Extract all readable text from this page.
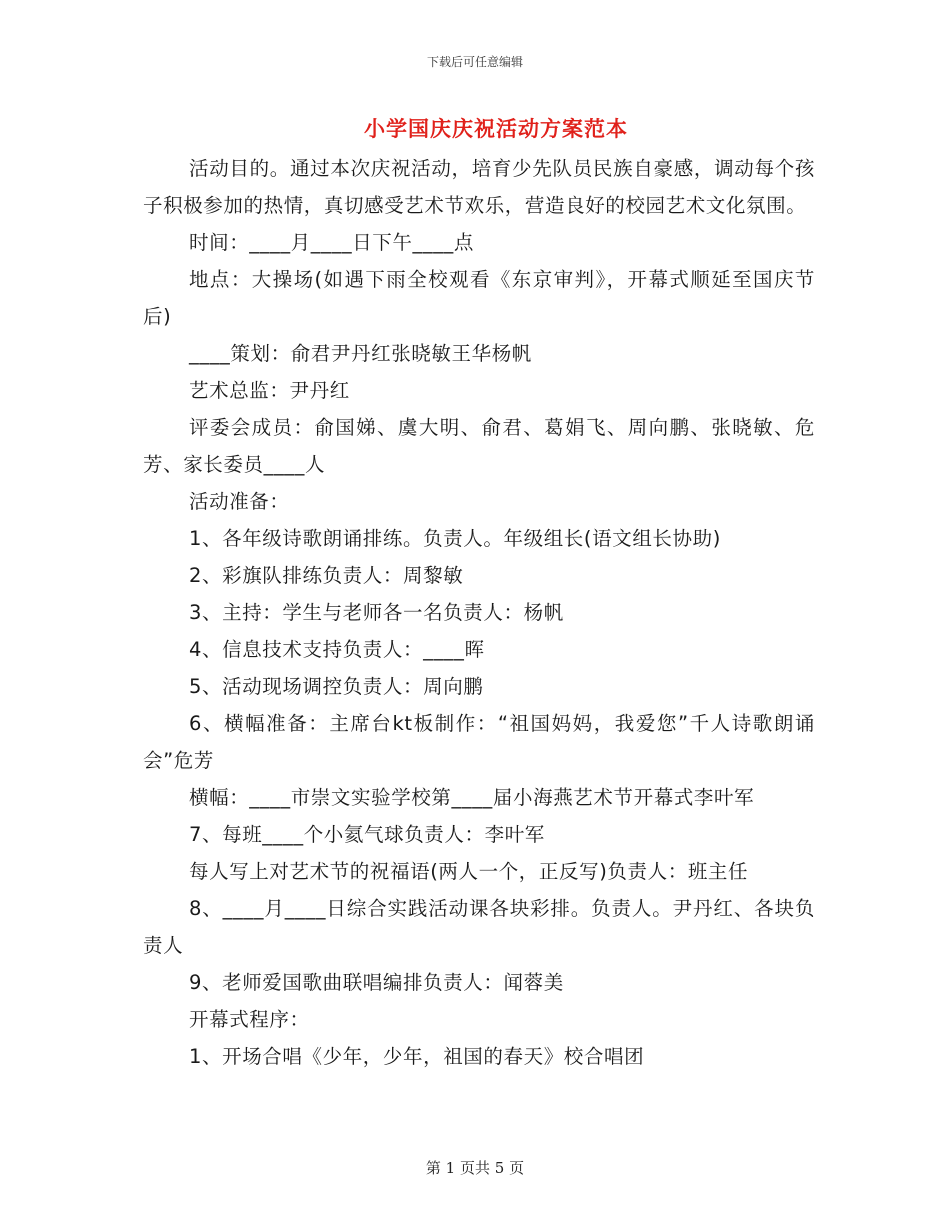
下载后可任意编辑
小学国庆庆祝活动方案范本

活动目的。通过本次庆祝活动，培育少先队员民族自豪感，调动每个孩子积极参加的热情，真切感受艺术节欢乐，营造良好的校园艺术文化氛围。

时间：____月____日下午____点

地点：大操场(如遇下雨全校观看《东京审判》，开幕式顺延至国庆节后)

____策划：俞君尹丹红张晓敏王华杨帆

艺术总监：尹丹红

评委会成员：俞国娣、虞大明、俞君、葛娟飞、周向鹏、张晓敏、危芳、家长委员____人

活动准备：

1、各年级诗歌朗诵排练。负责人。年级组长(语文组长协助)

2、彩旗队排练负责人：周黎敏

3、主持：学生与老师各一名负责人：杨帆

4、信息技术支持负责人：____晖

5、活动现场调控负责人：周向鹏

6、横幅准备：主席台kt板制作：“祖国妈妈，我爱您”千人诗歌朗诵会”危芳

横幅：____市崇文实验学校第____届小海燕艺术节开幕式李叶军

7、每班____个小氦气球负责人：李叶军

每人写上对艺术节的祝福语(两人一个，正反写)负责人：班主任

8、____月____日综合实践活动课各块彩排。负责人。尹丹红、各块负责人

9、老师爱国歌曲联唱编排负责人：闻蓉美

开幕式程序：

1、开场合唱《少年，少年，祖国的春天》校合唱团

第 1 页共 5 页
